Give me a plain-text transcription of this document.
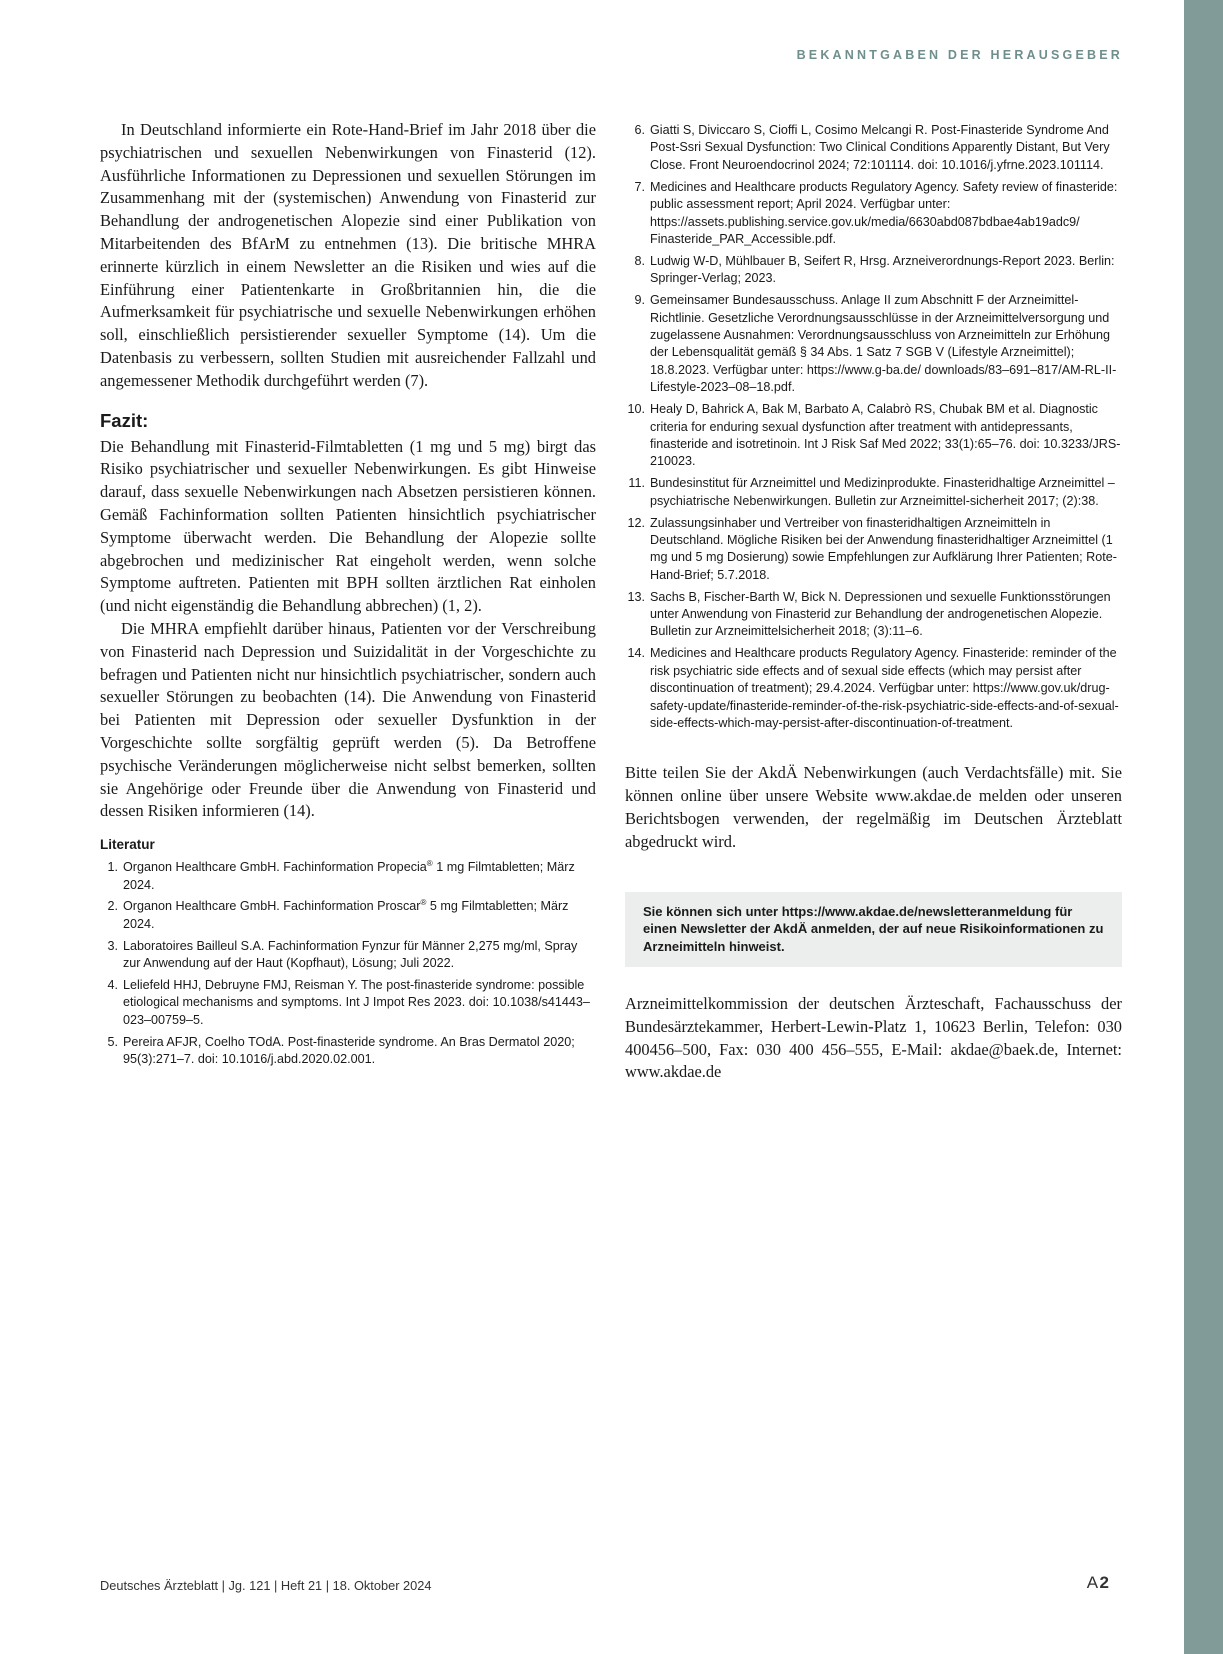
BEKANNTGABEN DER HERAUSGEBER

In Deutschland informierte ein Rote-Hand-Brief im Jahr 2018 über die psychiatrischen und sexuellen Nebenwirkungen von Finasterid (12). Ausführliche Informationen zu Depressionen und sexuellen Störungen im Zusammenhang mit der (systemischen) Anwendung von Finasterid zur Behandlung der androgenetischen Alopezie sind einer Publikation von Mitarbeitenden des BfArM zu entnehmen (13). Die britische MHRA erinnerte kürzlich in einem Newsletter an die Risiken und wies auf die Einführung einer Patientenkarte in Großbritannien hin, die die Aufmerksamkeit für psychiatrische und sexuelle Nebenwirkungen erhöhen soll, einschließlich persistierender sexueller Symptome (14). Um die Datenbasis zu verbessern, sollten Studien mit ausreichender Fallzahl und angemessener Methodik durchgeführt werden (7).

Fazit:

Die Behandlung mit Finasterid-Filmtabletten (1 mg und 5 mg) birgt das Risiko psychiatrischer und sexueller Nebenwirkungen. Es gibt Hinweise darauf, dass sexuelle Nebenwirkungen nach Absetzen persistieren können. Gemäß Fachinformation sollten Patienten hinsichtlich psychiatrischer Symptome überwacht werden. Die Behandlung der Alopezie sollte abgebrochen und medizinischer Rat eingeholt werden, wenn solche Symptome auftreten. Patienten mit BPH sollten ärztlichen Rat einholen (und nicht eigenständig die Behandlung abbrechen) (1, 2).

Die MHRA empfiehlt darüber hinaus, Patienten vor der Verschreibung von Finasterid nach Depression und Suizidalität in der Vorgeschichte zu befragen und Patienten nicht nur hinsichtlich psychiatrischer, sondern auch sexueller Störungen zu beobachten (14). Die Anwendung von Finasterid bei Patienten mit Depression oder sexueller Dysfunktion in der Vorgeschichte sollte sorgfältig geprüft werden (5). Da Betroffene psychische Veränderungen möglicherweise nicht selbst bemerken, sollten sie Angehörige oder Freunde über die Anwendung von Finasterid und dessen Risiken informieren (14).

Literatur
1. Organon Healthcare GmbH. Fachinformation Propecia® 1 mg Filmtabletten; März 2024.
2. Organon Healthcare GmbH. Fachinformation Proscar® 5 mg Filmtabletten; März 2024.
3. Laboratoires Bailleul S.A. Fachinformation Fynzur für Männer 2,275 mg/ml, Spray zur Anwendung auf der Haut (Kopfhaut), Lösung; Juli 2022.
4. Leliefeld HHJ, Debruyne FMJ, Reisman Y. The post-finasteride syndrome: possible etiological mechanisms and symptoms. Int J Impot Res 2023. doi: 10.1038/s41443–023–00759–5.
5. Pereira AFJR, Coelho TOdA. Post-finasteride syndrome. An Bras Dermatol 2020; 95(3):271–7. doi: 10.1016/j.abd.2020.02.001.
6. Giatti S, Diviccaro S, Cioffi L, Cosimo Melcangi R. Post-Finasteride Syndrome And Post-Ssri Sexual Dysfunction: Two Clinical Conditions Apparently Distant, But Very Close. Front Neuroendocrinol 2024; 72:101114. doi: 10.1016/j.yfrne.2023.101114.
7. Medicines and Healthcare products Regulatory Agency. Safety review of finasteride: public assessment report; April 2024. Verfügbar unter: https://assets.publishing.service.gov.uk/media/6630abd087bdbae4ab19adc9/ Finasteride_PAR_Accessible.pdf.
8. Ludwig W-D, Mühlbauer B, Seifert R, Hrsg. Arzneiverordnungs-Report 2023. Berlin: Springer-Verlag; 2023.
9. Gemeinsamer Bundesausschuss. Anlage II zum Abschnitt F der Arzneimittel-Richtlinie. Gesetzliche Verordnungsausschlüsse in der Arzneimittelversorgung und zugelassene Ausnahmen: Verordnungsausschluss von Arzneimitteln zur Erhöhung der Lebensqualität gemäß § 34 Abs. 1 Satz 7 SGB V (Lifestyle Arzneimittel); 18.8.2023. Verfügbar unter: https://www.g-ba.de/ downloads/83–691–817/AM-RL-II-Lifestyle-2023–08–18.pdf.
10. Healy D, Bahrick A, Bak M, Barbato A, Calabrò RS, Chubak BM et al. Diagnostic criteria for enduring sexual dysfunction after treatment with antidepressants, finasteride and isotretinoin. Int J Risk Saf Med 2022; 33(1):65–76. doi: 10.3233/JRS-210023.
11. Bundesinstitut für Arzneimittel und Medizinprodukte. Finasteridhaltige Arzneimittel – psychiatrische Nebenwirkungen. Bulletin zur Arzneimittel-sicherheit 2017; (2):38.
12. Zulassungsinhaber und Vertreiber von finasteridhaltigen Arzneimitteln in Deutschland. Mögliche Risiken bei der Anwendung finasteridhaltiger Arzneimittel (1 mg und 5 mg Dosierung) sowie Empfehlungen zur Aufklärung Ihrer Patienten; Rote-Hand-Brief; 5.7.2018.
13. Sachs B, Fischer-Barth W, Bick N. Depressionen und sexuelle Funktionsstörungen unter Anwendung von Finasterid zur Behandlung der androgenetischen Alopezie. Bulletin zur Arzneimittelsicherheit 2018; (3):11–6.
14. Medicines and Healthcare products Regulatory Agency. Finasteride: reminder of the risk psychiatric side effects and of sexual side effects (which may persist after discontinuation of treatment); 29.4.2024. Verfügbar unter: https://www.gov.uk/drug-safety-update/finasteride-reminder-of-the-risk-psychiatric-side-effects-and-of-sexual-side-effects-which-may-persist-after-discontinuation-of-treatment.
Bitte teilen Sie der AkdÄ Nebenwirkungen (auch Verdachtsfälle) mit. Sie können online über unsere Website www.akdae.de melden oder unseren Berichtsbogen verwenden, der regelmäßig im Deutschen Ärzteblatt abgedruckt wird.
Sie können sich unter https://www.akdae.de/newsletteranmeldung für einen Newsletter der AkdÄ anmelden, der auf neue Risikoinformationen zu Arzneimitteln hinweist.
Arzneimittelkommission der deutschen Ärzteschaft, Fachausschuss der Bundesärztekammer, Herbert-Lewin-Platz 1, 10623 Berlin, Telefon: 030 400456–500, Fax: 030 400 456–555, E-Mail: akdae@baek.de, Internet: www.akdae.de
Deutsches Ärzteblatt | Jg. 121 | Heft 21 | 18. Oktober 2024	A 2
